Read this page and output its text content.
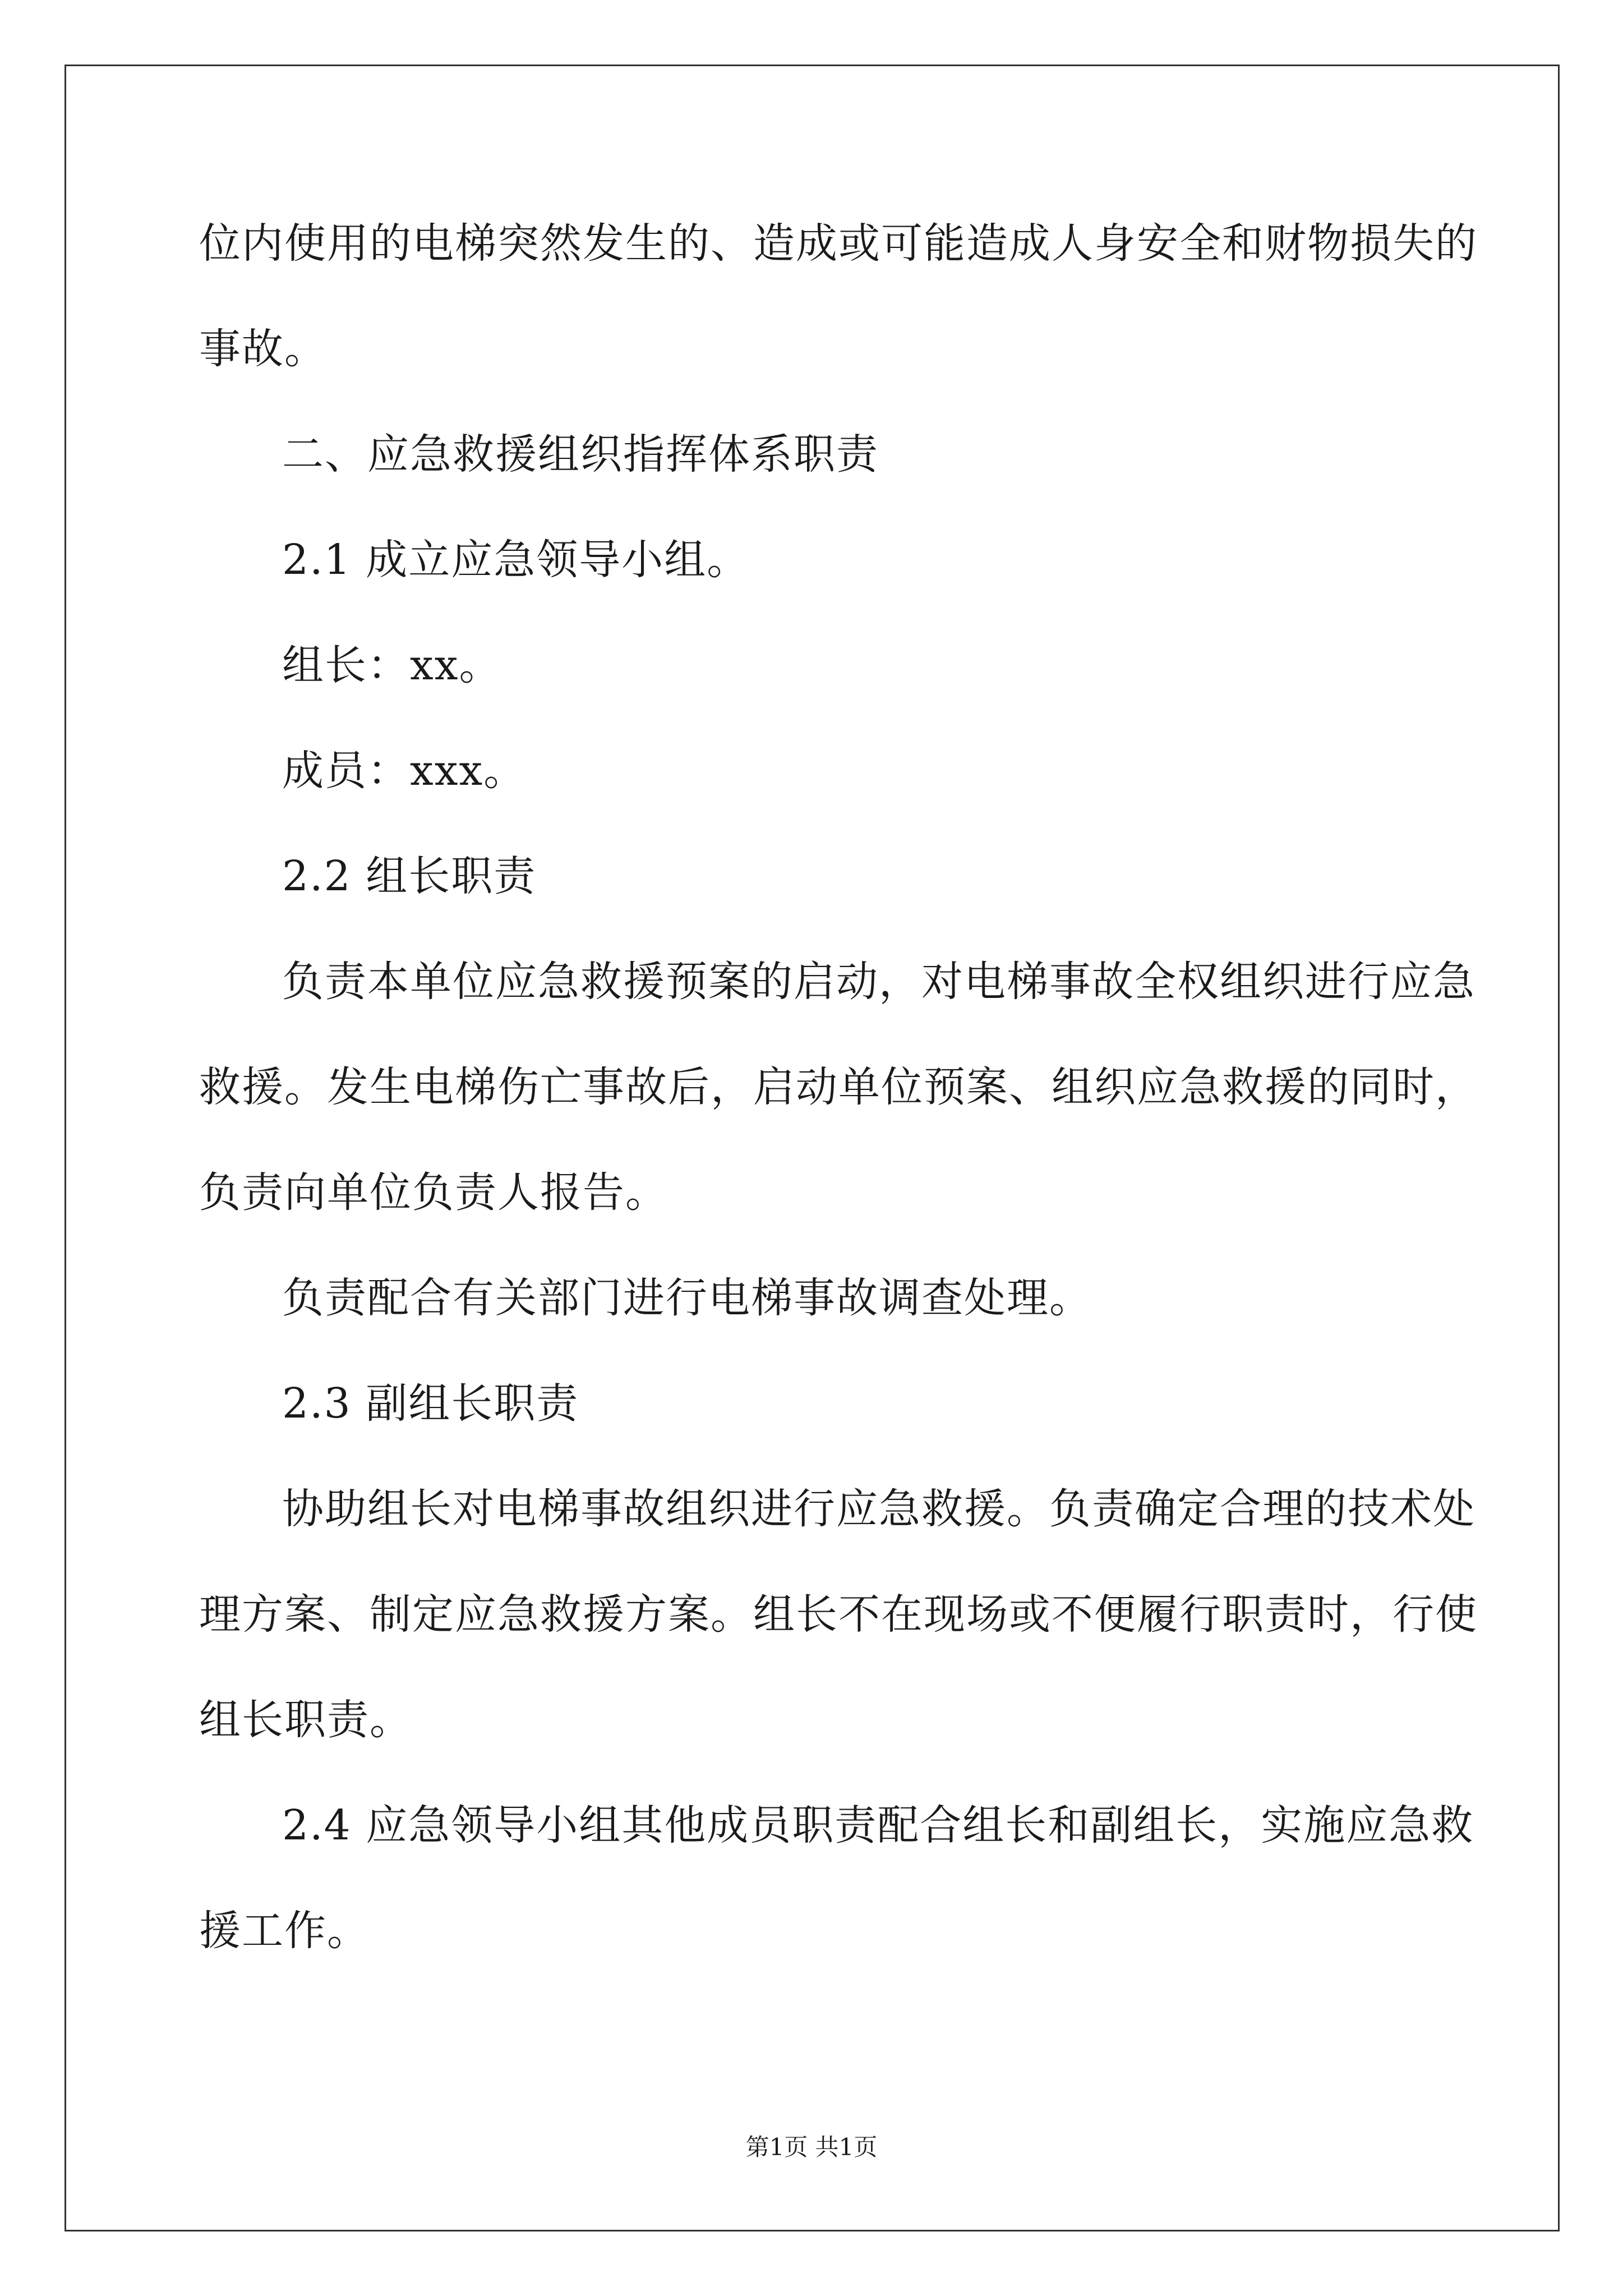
位内使用的电梯突然发生的、造成或可能造成人身安全和财物损失的

事故。

二、应急救援组织指挥体系职责

2.1 成立应急领导小组。

组长：xx。

成员：xxx。

2.2 组长职责

负责本单位应急救援预案的启动，对电梯事故全权组织进行应急

救援。发生电梯伤亡事故后，启动单位预案、组织应急救援的同时，

负责向单位负责人报告。

负责配合有关部门进行电梯事故调查处理。

2.3 副组长职责

协助组长对电梯事故组织进行应急救援。负责确定合理的技术处

理方案、制定应急救援方案。组长不在现场或不便履行职责时，行使

组长职责。

2.4 应急领导小组其他成员职责配合组长和副组长，实施应急救

援工作。

第1页 共1页
